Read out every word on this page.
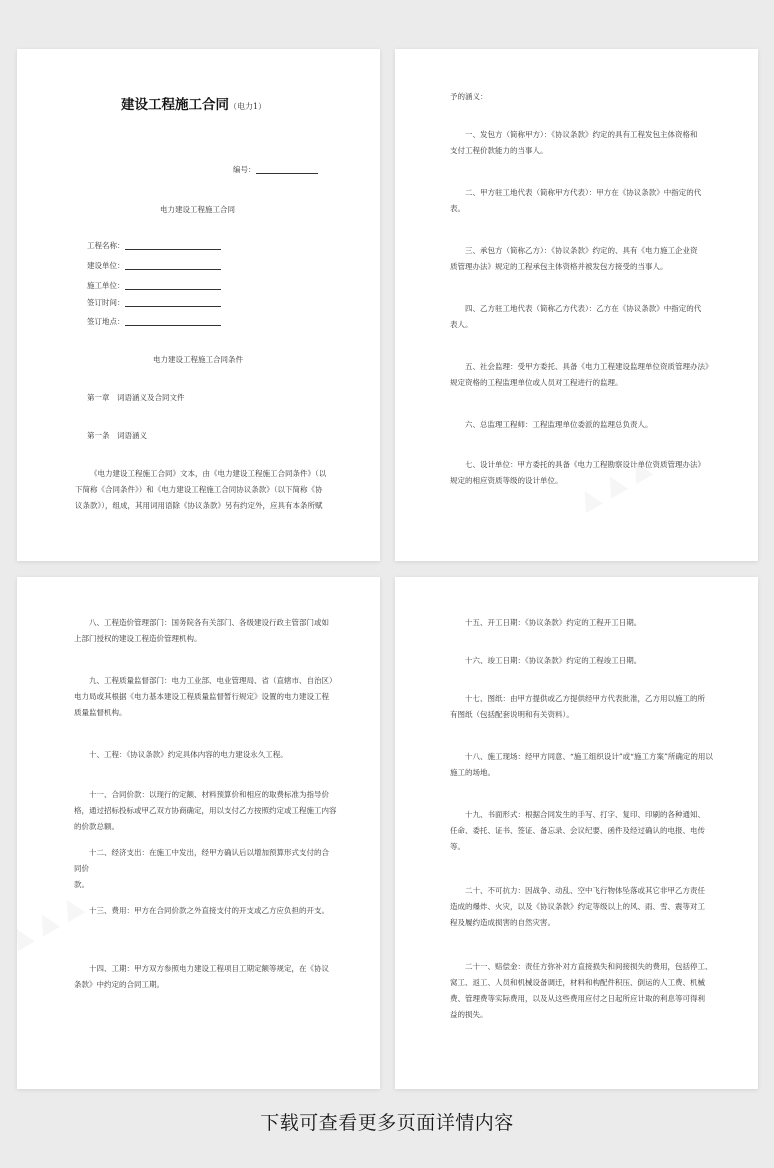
建设工程施工合同（电力1）
编号：
电力建设工程施工合同
工程名称：
建设单位：
施工单位：
签订时间：
签订地点：
电力建设工程施工合同条件
第一章　词语涵义及合同文件
第一条　词语涵义
《电力建设工程施工合同》文本，由《电力建设工程施工合同条件》（以
下简称《合同条件》）和《电力建设工程施工合同协议条款》（以下简称《协
议条款》），组成，其用词用语除《协议条款》另有约定外，应具有本条所赋
予的涵义：
一、发包方（简称甲方）：《协议条款》约定的具有工程发包主体资格和
支付工程价款能力的当事人。
二、甲方驻工地代表（简称甲方代表）：甲方在《协议条款》中指定的代
表。
三、承包方（简称乙方）：《协议条款》约定的、具有《电力施工企业资
质管理办法》规定的工程承包主体资格并被发包方接受的当事人。
四、乙方驻工地代表（简称乙方代表）：乙方在《协议条款》中指定的代
表人。
五、社会监理：受甲方委托、具备《电力工程建设监理单位资质管理办法》
规定资格的工程监理单位或人员对工程进行的监理。
六、总监理工程师：工程监理单位委派的监理总负责人。
七、设计单位：甲方委托的具备《电力工程勘察设计单位资质管理办法》
规定的相应资质等级的设计单位。
八、工程造价管理部门：国务院各有关部门、各级建设行政主管部门或如
上部门授权的建设工程造价管理机构。
九、工程质量监督部门：电力工业部、电业管理局、省（直辖市、自治区）
电力局或其根据《电力基本建设工程质量监督暂行规定》设置的电力建设工程
质量监督机构。
十、工程：《协议条款》约定具体内容的电力建设永久工程。
十一、合同价款：以现行的定额、材料预算价和相应的取费标准为指导价
格，通过招标投标或甲乙双方协商确定，用以支付乙方按照约定或工程施工内容
的价款总额。
十二、经济支出：在施工中发出，经甲方确认后以增加预算形式支付的合
同价
款。
十三、费用：甲方在合同价款之外直接支付的开支或乙方应负担的开支。
十四、工期：甲方双方参照电力建设工程项目工期定额等规定，在《协议
条款》中约定的合同工期。
十五、开工日期：《协议条款》约定的工程开工日期。
十六、竣工日期：《协议条款》约定的工程竣工日期。
十七、图纸：由甲方提供或乙方提供经甲方代表批准，乙方用以施工的所
有图纸（包括配套说明和有关资料）。
十八、施工现场：经甲方同意、“施工组织设计”或“施工方案”所确定的用以
施工的场地。
十九、书面形式：根据合同发生的手写、打字、复印、印刷的各种通知、
任命、委托、证书、签证、备忘录、会议纪要、函件及经过确认的电报、电传
等。
二十、不可抗力：因战争、动乱、空中飞行物体坠落或其它非甲乙方责任
造成的爆炸、火灾，以及《协议条款》约定等级以上的风、雨、雪、震等对工
程及履约造成损害的自然灾害。
二十一、赔偿金：责任方弥补对方直接损失和间接损失的费用，包括停工、
窝工、返工、人员和机械设备调迁，材料和构配件积压、倒运的人工费、机械
费、管理费等实际费用，以及从这些费用应付之日起所应计取的利息等可得利
益的损失。
下载可查看更多页面详情内容
